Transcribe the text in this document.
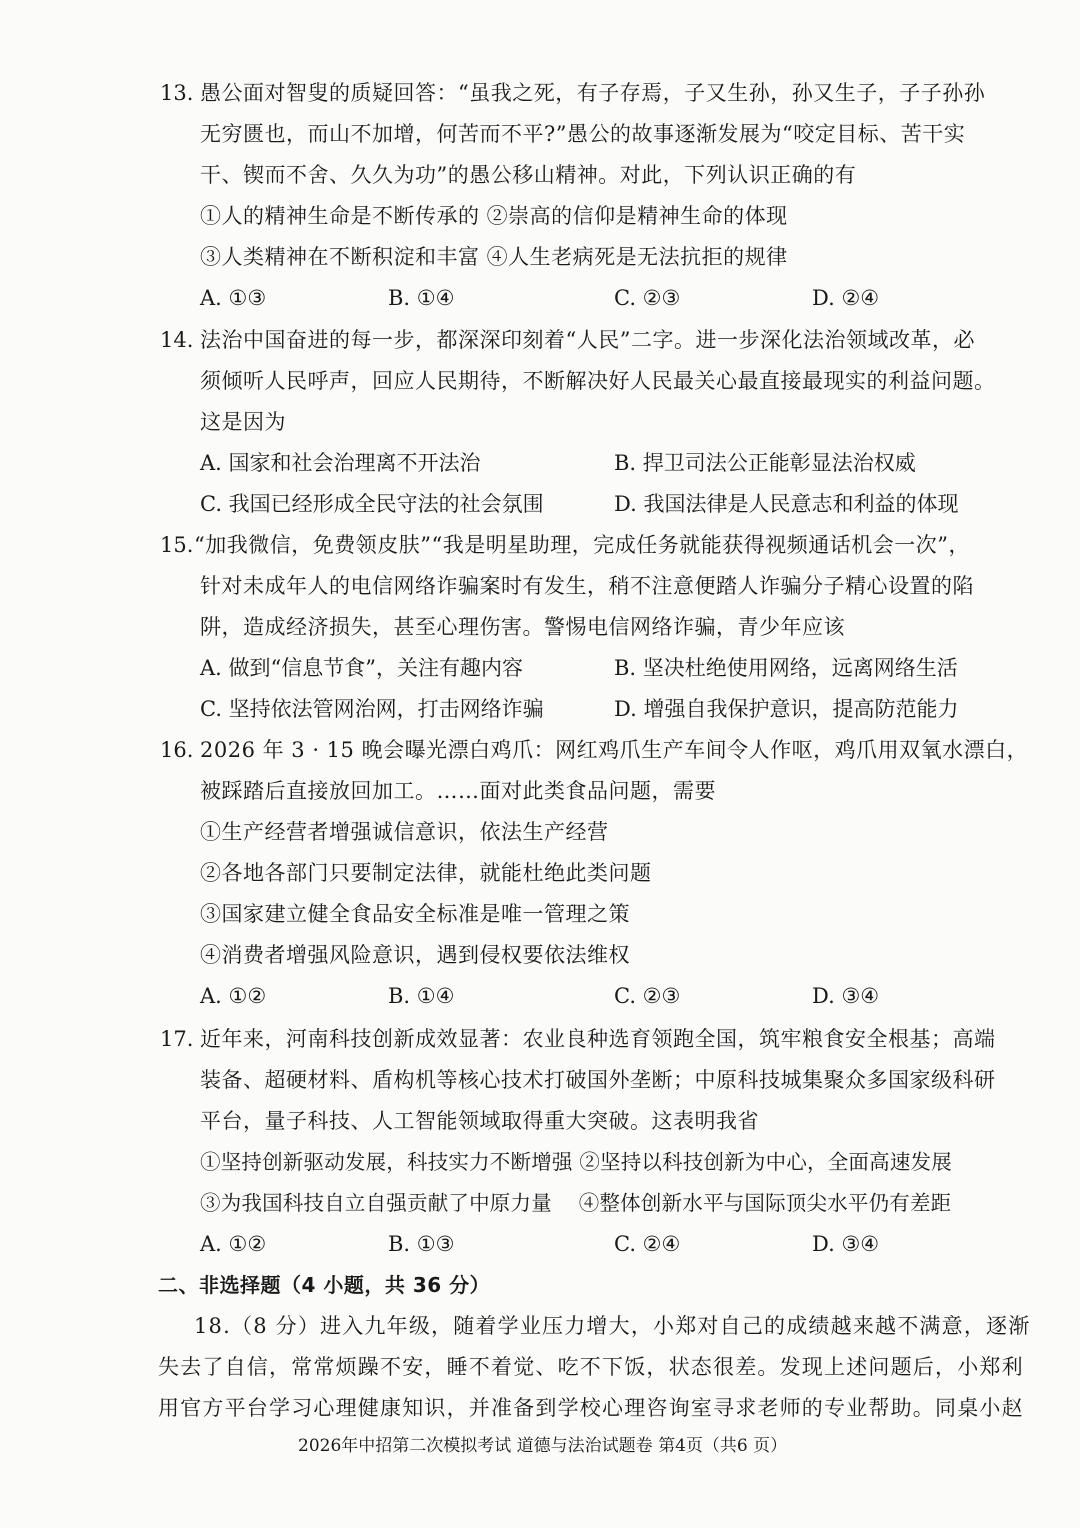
13. 愚公面对智叟的质疑回答：“虽我之死，有子存焉，子又生孙，孙又生子，子子孙孙
无穷匮也，而山不加增，何苦而不平?”愚公的故事逐渐发展为“咬定目标、苦干实
干、锲而不舍、久久为功”的愚公移山精神。对此，下列认识正确的有
①人的精神生命是不断传承的 ②崇高的信仰是精神生命的体现
③人类精神在不断积淀和丰富 ④人生老病死是无法抗拒的规律
A. ①③	B. ①④	C. ②③	D. ②④
14. 法治中国奋进的每一步，都深深印刻着“人民”二字。进一步深化法治领域改革，必
须倾听人民呼声，回应人民期待，不断解决好人民最关心最直接最现实的利益问题。
这是因为
A. 国家和社会治理离不开法治	B. 捍卫司法公正能彰显法治权威
C. 我国已经形成全民守法的社会氛围	D. 我国法律是人民意志和利益的体现
15. “加我微信，免费领皮肤”“我是明星助理，完成任务就能获得视频通话机会一次”，
针对未成年人的电信网络诈骗案时有发生，稍不注意便踏人诈骗分子精心设置的陷
阱，造成经济损失，甚至心理伤害。警惕电信网络诈骗，青少年应该
A. 做到“信息节食”，关注有趣内容	B. 坚决杜绝使用网络，远离网络生活
C. 坚持依法管网治网，打击网络诈骗	D. 增强自我保护意识，提高防范能力
16. 2026 年 3 · 15 晚会曝光漂白鸡爪：网红鸡爪生产车间令人作呕，鸡爪用双氧水漂白，
被踩踏后直接放回加工。……面对此类食品问题，需要
①生产经营者增强诚信意识，依法生产经营
②各地各部门只要制定法律，就能杜绝此类问题
③国家建立健全食品安全标准是唯一管理之策
④消费者增强风险意识，遇到侵权要依法维权
A. ①②	B. ①④	C. ②③	D. ③④
17. 近年来，河南科技创新成效显著：农业良种选育领跑全国，筑牢粮食安全根基；高端
装备、超硬材料、盾构机等核心技术打破国外垄断；中原科技城集聚众多国家级科研
平台，量子科技、人工智能领域取得重大突破。这表明我省
①坚持创新驱动发展，科技实力不断增强 ②坚持以科技创新为中心，全面高速发展
③为我国科技自立自强贡献了中原力量    ④整体创新水平与国际顶尖水平仍有差距
A. ①②	B. ①③	C. ②④	D. ③④
二、非选择题（4 小题，共 36 分）
18.（8 分）进入九年级，随着学业压力增大，小郑对自己的成绩越来越不满意，逐渐
失去了自信，常常烦躁不安，睡不着觉、吃不下饭，状态很差。发现上述问题后，小郑利
用官方平台学习心理健康知识，并准备到学校心理咨询室寻求老师的专业帮助。同桌小赵
2026年中招第二次模拟考试 道德与法治试题卷 第4页（共6 页）
